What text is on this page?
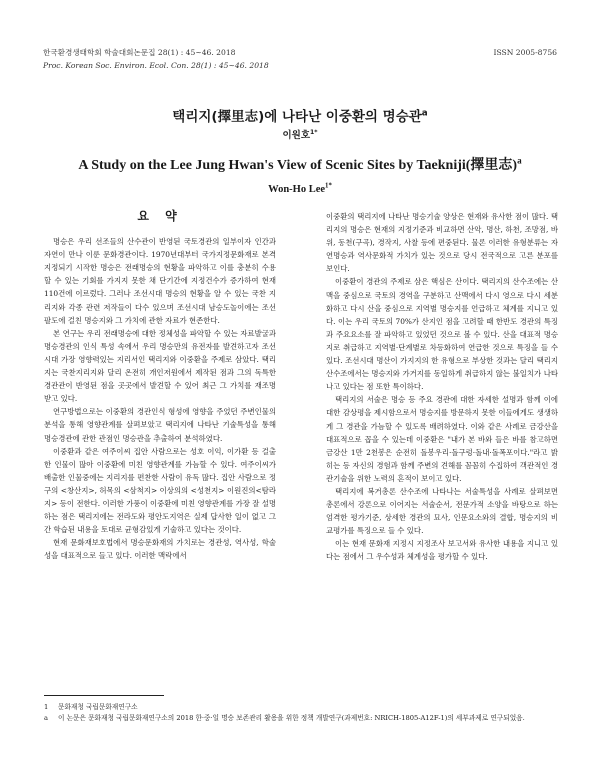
한국환경생태학회 학술대회논문집 28(1) : 45~46. 2018	ISSN 2005-8756
Proc. Korean Soc. Environ. Ecol. Con. 28(1) : 45~46. 2018
택리지(擇里志)에 나타난 이중환의 명승관$^a$
이원호$^{1*}$
A Study on the Lee Jung Hwan's View of Scenic Sites by Taekniji(擇里志)$^a$
Won-Ho Lee$^{1*}$
요 약

명승은 우리 선조들의 산수관이 반영된 국토경관의 일부이자 인간과 자연이 만나 이룬 문화경관이다. 1970년대부터 국가지정문화재로 본격 지정되기 시작한 명승은 전래명승의 현황을 파악하고 이를 충분히 수용할 수 있는 기회를 가지지 못한 채 단기간에 지정건수가 증가하여 현재 110건에 이르렀다. 그러나 조선시대 명승의 현황을 알 수 있는 국찬 지리지와 각종 관련 저작들이 다수 있으며 조선시대 남승도놀이에는 조선팔도에 걸친 명승지와 그 가치에 관한 자료가 현존한다.

본 연구는 우리 전래명승에 대한 정체성을 파악할 수 있는 자료발굴과 명승경관의 인식 특성 속에서 우리 명승만의 유전자를 발견하고자 조선시대 가장 영향력있는 지리서인 택리지와 이중환을 주제로 삼았다. 택리지는 국찬지리지와 달리 온전히 개인저원에서 제작된 점과 그의 독특한 경관관이 반영된 점을 곳곳에서 발견할 수 있어 최근 그 가치를 재조명 받고 있다.

연구방법으로는 이중환의 경관인식 형성에 영향을 주었던 주변인물의 분석을 통해 영향관계를 살펴보았고 택리지에 나타난 기술특성을 통해 명승경관에 관한 관점인 명승관을 추출하여 분석하였다.

이중환과 같은 여주이씨 집안 사람으로는 성호 이익, 이가환 등 걸출한 인물이 많아 이중환에 미친 영향관계를 가늠할 수 있다. 여주이씨가 배출한 인물중에는 지리지를 편찬한 사람이 유독 많다. 집안 사람으로 정구의 <창산지>, 허목의 <삼척지> 이상의의 <성천지> 이원진의<탐라지> 등이 전한다. 이러한 가풍이 이중환에 미친 영향관계를 가장 잘 설명하는 점은 택리지에는 전라도와 평안도지역은 실제 답사한 일이 없고 그간 학습된 내용을 토대로 균형감있게 기술하고 있다는 것이다.

현재 문화재보호법에서 명승문화재의 가치로는 경관성, 역사성, 학술성을 대표적으로 들고 있다. 이러한 맥락에서

이중환의 택리지에 나타난 명승기술 양상은 현재와 유사한 점이 많다. 택리지의 명승은 현재의 지정기준과 비교하면 산악, 명산, 하천, 조망점, 바위, 동천(구곡), 경작지, 사찰 등에 편중된다. 물론 이러한 유형분류는 자연명승과 역사문화적 가치가 있는 것으로 당시 전국적으로 고른 분포를 보인다.

이중환이 경관의 주제로 삼은 핵심은 산이다. 택리지의 산수조에는 산맥을 중심으로 국토의 경역을 구분하고 산맥에서 다시 영으로 다시 세분화하고 다시 산을 중심으로 지역별 명승지를 언급하고 체계를 지니고 있다. 이는 우리 국토의 70%가 산지인 점을 고려할 때 한반도 경관의 특징과 주요요소를 잘 파악하고 있었던 것으로 볼 수 있다. 산을 대표적 명승지로 취급하고 지역별·단계별로 차등화하여 연급한 것으로 특징을 들 수 있다. 조선시대 명산이 가지지의 한 유형으로 부상한 것과는 달리 택리지 산수조에서는 명승지와 가거지를 동일하게 취급하지 않는 불일치가 나타나고 있다는 점 또한 특이하다.

택리지의 서술은 명승 등 주요 경관에 대한 자세한 설명과 함께 이에 대한 감상평을 제시함으로서 명승지를 방문하지 못한 이들에게도 생생하게 그 경관을 가늠할 수 있도록 배려하였다. 이와 같은 사례로 금강산을 대표적으로 꼽을 수 있는데 이중환은 "내가 본 바와 들은 바를 참고하면 금강산 1만 2천봉은 순전히 돌봉우리·돌구렁·돌내·돌폭포이다."라고 밝히는 등 자신의 경험과 함께 주변의 견해를 꼼꼼히 수집하여 객관적인 경관기술을 위한 노력의 흔적이 보이고 있다.

택리지에 복거총론 산수조에 나타나는 서술특성을 사례로 살펴보면 총론에서 강론으로 이어지는 서술순서, 전문가적 소양을 바탕으로 하는 엄격한 평가기준, 상세한 경관의 묘사, 인문요소와의 결합, 명승지의 비교평가를 특징으로 들 수 있다.

이는 현재 문화재 지정시 지정조사 보고서와 유사한 내용을 지니고 있다는 점에서 그 우수성과 체계성을 평가할 수 있다.

1	문화재청 국립문화재연구소
a	이 논문은 문화재청 국립문화재연구소의 2018 한·중·일 명승 보존관리 활용을 위한 정책 개발연구(과제번호: NRICH-1805-A12F-1)의 세부과제로 연구되었음.
